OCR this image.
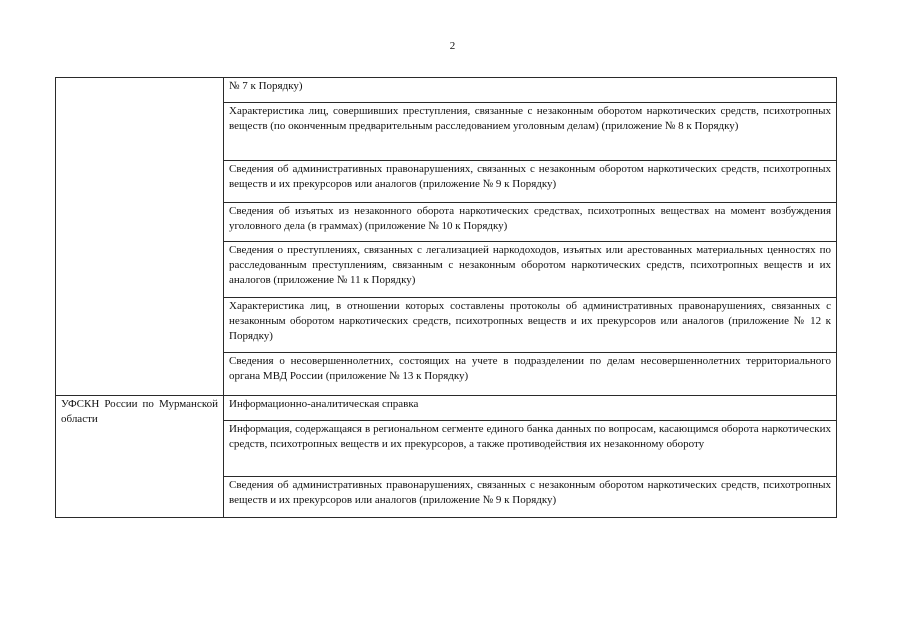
2
	№ 7 к Порядку)
	Характеристика лиц, совершивших преступления, связанные с незаконным оборотом наркотических средств, психотропных веществ (по оконченным предварительным расследованием уголовным делам) (приложение № 8 к Порядку)
	Сведения об административных правонарушениях, связанных с незаконным оборотом наркотических средств, психотропных веществ и их прекурсоров или аналогов (приложение № 9 к Порядку)
	Сведения об изъятых из незаконного оборота наркотических средствах, психотропных веществах на момент возбуждения уголовного дела (в граммах) (приложение № 10 к Порядку)
	Сведения о преступлениях, связанных с легализацией наркодоходов, изъятых или арестованных материальных ценностях по расследованным преступлениям, связанным с незаконным оборотом наркотических средств, психотропных веществ и их аналогов (приложение № 11 к Порядку)
	Характеристика лиц, в отношении которых составлены протоколы об административных правонарушениях, связанных с незаконным оборотом наркотических средств, психотропных веществ и их прекурсоров или аналогов (приложение № 12 к Порядку)
	Сведения о несовершеннолетних, состоящих на учете в подразделении по делам несовершеннолетних территориального органа МВД России (приложение № 13 к Порядку)
УФСКН России по Мурманской области	Информационно-аналитическая справка
	Информация, содержащаяся в региональном сегменте единого банка данных по вопросам, касающимся оборота наркотических средств, психотропных веществ и их прекурсоров, а также противодействия их незаконному обороту
	Сведения об административных правонарушениях, связанных с незаконным оборотом наркотических средств, психотропных веществ и их прекурсоров или аналогов (приложение № 9 к Порядку)
